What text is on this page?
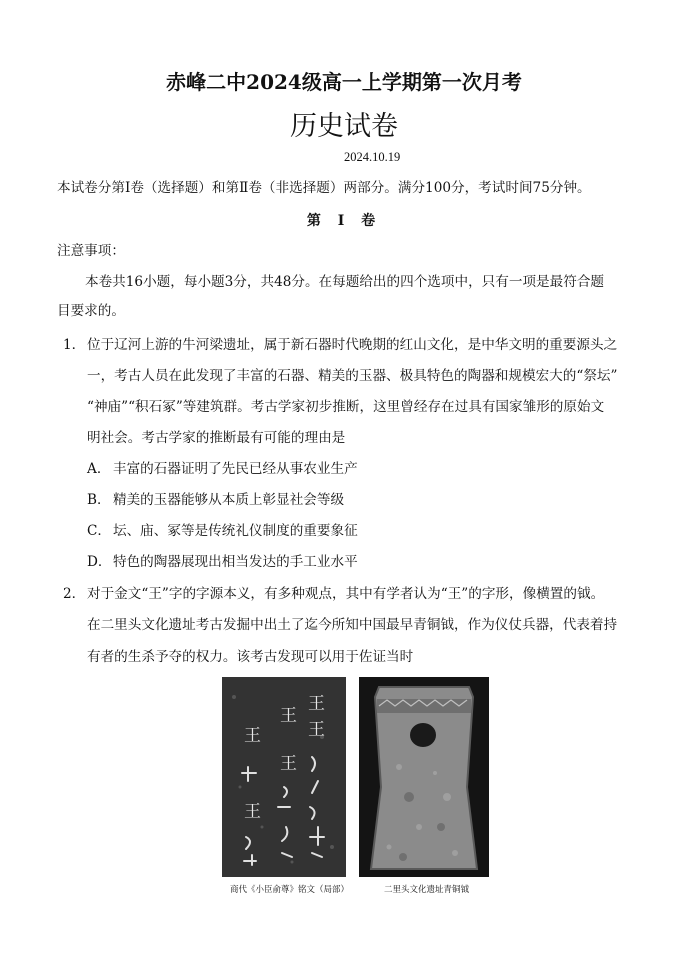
赤峰二中2024级高一上学期第一次月考
历史试卷
2024.10.19
本试卷分第Ⅰ卷（选择题）和第Ⅱ卷（非选择题）两部分。满分100分，考试时间75分钟。
第 Ⅰ 卷
注意事项：
本卷共16小题，每小题3分，共48分。在每题给出的四个选项中，只有一项是最符合题
目要求的。
1． 位于辽河上游的牛河梁遗址，属于新石器时代晚期的红山文化，是中华文明的重要源头之
一，考古人员在此发现了丰富的石器、精美的玉器、极具特色的陶器和规模宏大的“祭坛”
“神庙”“积石冢”等建筑群。考古学家初步推断，这里曾经存在过具有国家雏形的原始文
明社会。考古学家的推断最有可能的理由是
A． 丰富的石器证明了先民已经从事农业生产
B． 精美的玉器能够从本质上彰显社会等级
C． 坛、庙、冢等是传统礼仪制度的重要象征
D． 特色的陶器展现出相当发达的手工业水平
2． 对于金文“王”字的字源本义，有多种观点，其中有学者认为“王”的字形，像横置的钺。
在二里头文化遗址考古发掘中出土了迄今所知中国最早青铜钺，作为仪仗兵器，代表着持
有者的生杀予夺的权力。该考古发现可以用于佐证当时
王
王
王
王
王
王
商代《小臣俞尊》铭文（局部）	二里头文化遗址青铜钺
